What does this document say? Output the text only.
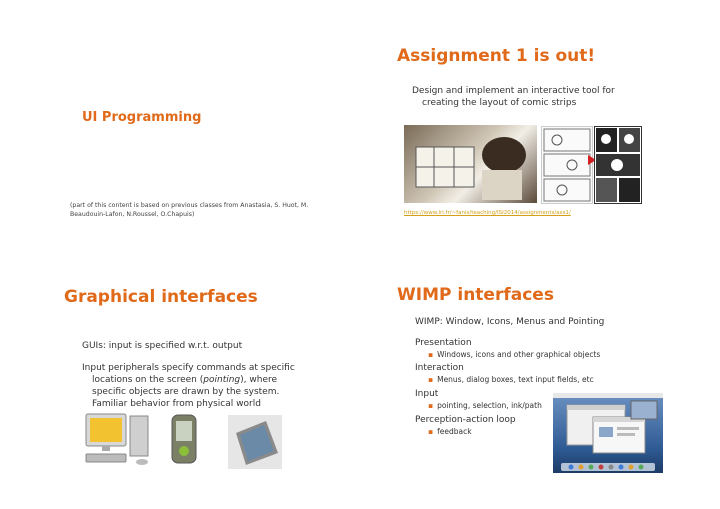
UI Programming
(part of this content is based on previous classes from Anastasia, S. Huot, M.
Beaudouin-Lafon, N.Roussel, O.Chapuis)
Assignment 1 is out!
Design and implement an interactive tool for
creating the layout of comic strips
https://www.lri.fr/~fanis/teaching/ISI2014/assignments/ass1/
Graphical interfaces
GUIs: input is specified w.r.t. output
Input peripherals specify commands at specific
locations on the screen (pointing), where
specific objects are drawn by the system.
Familiar behavior from physical world
WIMP interfaces
WIMP: Window, Icons, Menus and Pointing
Presentation
▪ Windows, icons and other graphical objects
Interaction
▪ Menus, dialog boxes, text input fields, etc
Input
▪ pointing, selection, ink/path
Perception-action loop
▪ feedback
